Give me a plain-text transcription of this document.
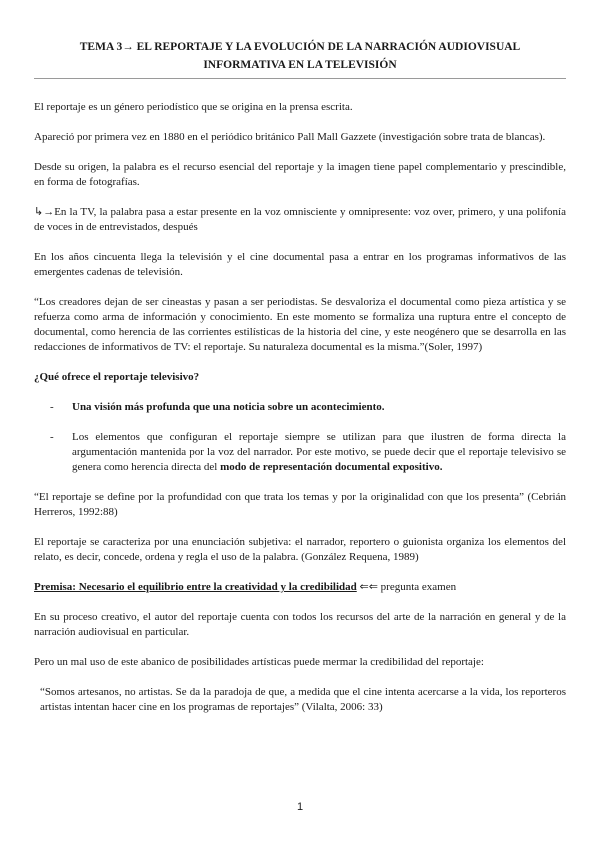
TEMA 3→ EL REPORTAJE Y LA EVOLUCIÓN DE LA NARRACIÓN AUDIOVISUAL INFORMATIVA EN LA TELEVISIÓN

El reportaje es un género periodístico que se origina en la prensa escrita.

Apareció por primera vez en 1880 en el periódico británico Pall Mall Gazzete (investigación sobre trata de blancas).

Desde su origen, la palabra es el recurso esencial del reportaje y la imagen tiene papel complementario y prescindible, en forma de fotografías.

↳→En la TV, la palabra pasa a estar presente en la voz omnisciente y omnipresente: voz over, primero, y una polifonía de voces in de entrevistados, después

En los años cincuenta llega la televisión y el cine documental pasa a entrar en los programas informativos de las emergentes cadenas de televisión.

“Los creadores dejan de ser cineastas y pasan a ser periodistas. Se desvaloriza el documental como pieza artística y se refuerza como arma de información y conocimiento. En este momento se formaliza una ruptura entre el concepto de documental, como herencia de las corrientes estilísticas de la historia del cine, y este neogénero que se desarrolla en las redacciones de informativos de TV: el reportaje. Su naturaleza documental es la misma.”(Soler, 1997)

¿Qué ofrece el reportaje televisivo?

- Una visión más profunda que una noticia sobre un acontecimiento.
- Los elementos que configuran el reportaje siempre se utilizan para que ilustren de forma directa la argumentación mantenida por la voz del narrador. Por este motivo, se puede decir que el reportaje televisivo se genera como herencia directa del modo de representación documental expositivo.

“El reportaje se define por la profundidad con que trata los temas y por la originalidad con que los presenta” (Cebrián Herreros, 1992:88)

El reportaje se caracteriza por una enunciación subjetiva: el narrador, reportero o guionista organiza los elementos del relato, es decir, concede, ordena y regla el uso de la palabra. (González Requena, 1989)

Premisa: Necesario el equilibrio entre la creatividad y la credibilidad ⇐⇐ pregunta examen

En su proceso creativo, el autor del reportaje cuenta con todos los recursos del arte de la narración en general y de la narración audiovisual en particular.

Pero un mal uso de este abanico de posibilidades artísticas puede mermar la credibilidad del reportaje:

“Somos artesanos, no artistas. Se da la paradoja de que, a medida que el cine intenta acercarse a la vida, los reporteros artistas intentan hacer cine en los programas de reportajes” (Vilalta, 2006: 33)

1
